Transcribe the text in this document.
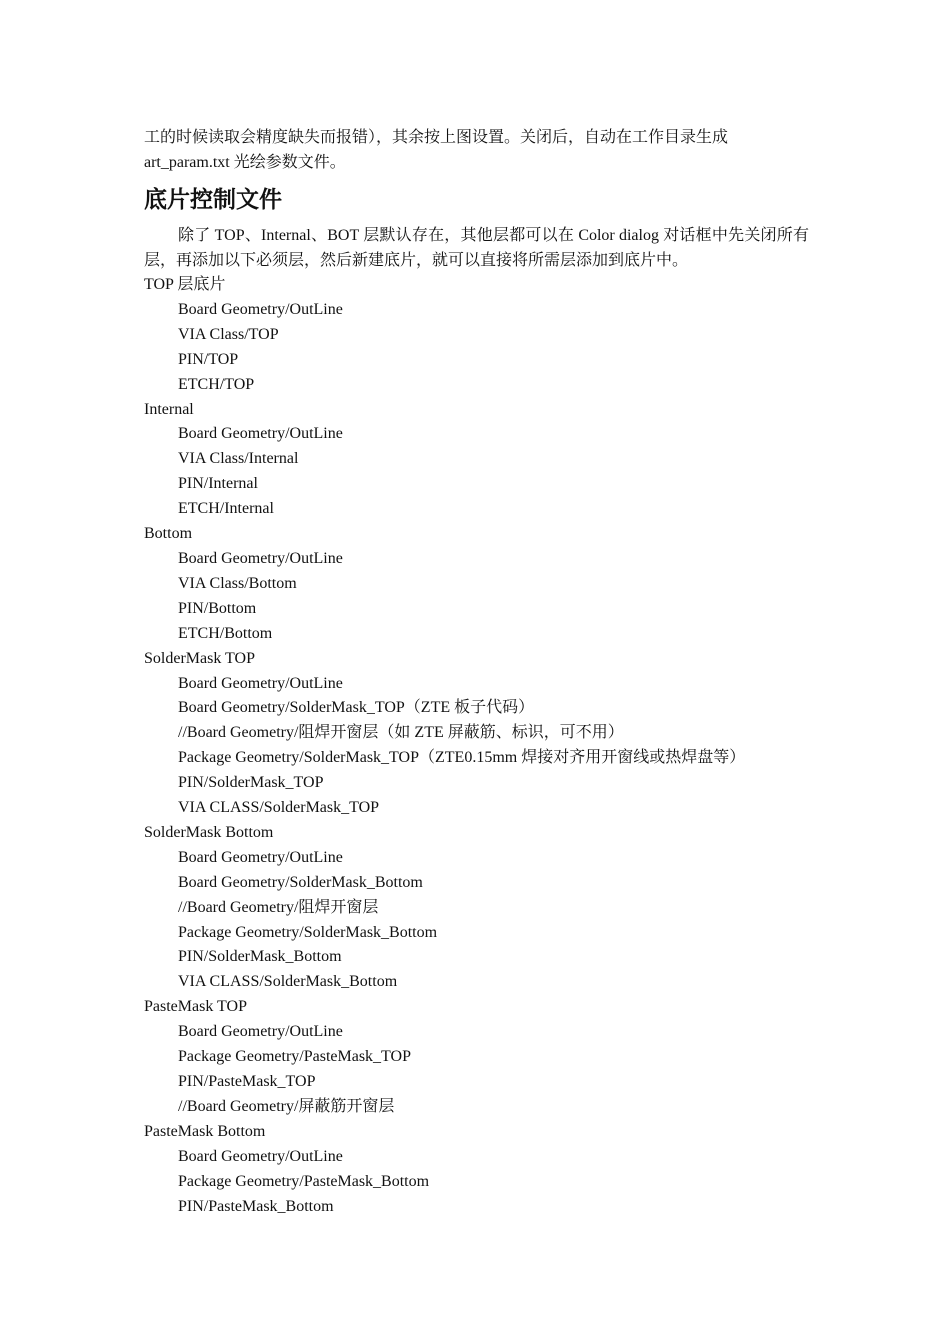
工的时候读取会精度缺失而报错），其余按上图设置。关闭后，自动在工作目录生成

art_param.txt 光绘参数文件。

底片控制文件

除了 TOP、Internal、BOT 层默认存在，其他层都可以在 Color dialog 对话框中先关闭所有层，再添加以下必须层，然后新建底片，就可以直接将所需层添加到底片中。

TOP 层底片

Board Geometry/OutLine

VIA Class/TOP

PIN/TOP

ETCH/TOP

Internal

Board Geometry/OutLine

VIA Class/Internal

PIN/Internal

ETCH/Internal

Bottom

Board Geometry/OutLine

VIA Class/Bottom

PIN/Bottom

ETCH/Bottom

SolderMask TOP

Board Geometry/OutLine

Board Geometry/SolderMask_TOP（ZTE 板子代码）

//Board Geometry/阻焊开窗层（如 ZTE 屏蔽筋、标识，可不用）

Package Geometry/SolderMask_TOP（ZTE0.15mm 焊接对齐用开窗线或热焊盘等）

PIN/SolderMask_TOP

VIA CLASS/SolderMask_TOP

SolderMask Bottom

Board Geometry/OutLine

Board Geometry/SolderMask_Bottom

//Board Geometry/阻焊开窗层

Package Geometry/SolderMask_Bottom

PIN/SolderMask_Bottom

VIA CLASS/SolderMask_Bottom

PasteMask TOP

Board Geometry/OutLine

Package Geometry/PasteMask_TOP

PIN/PasteMask_TOP

//Board Geometry/屏蔽筋开窗层

PasteMask Bottom

Board Geometry/OutLine

Package Geometry/PasteMask_Bottom

PIN/PasteMask_Bottom
